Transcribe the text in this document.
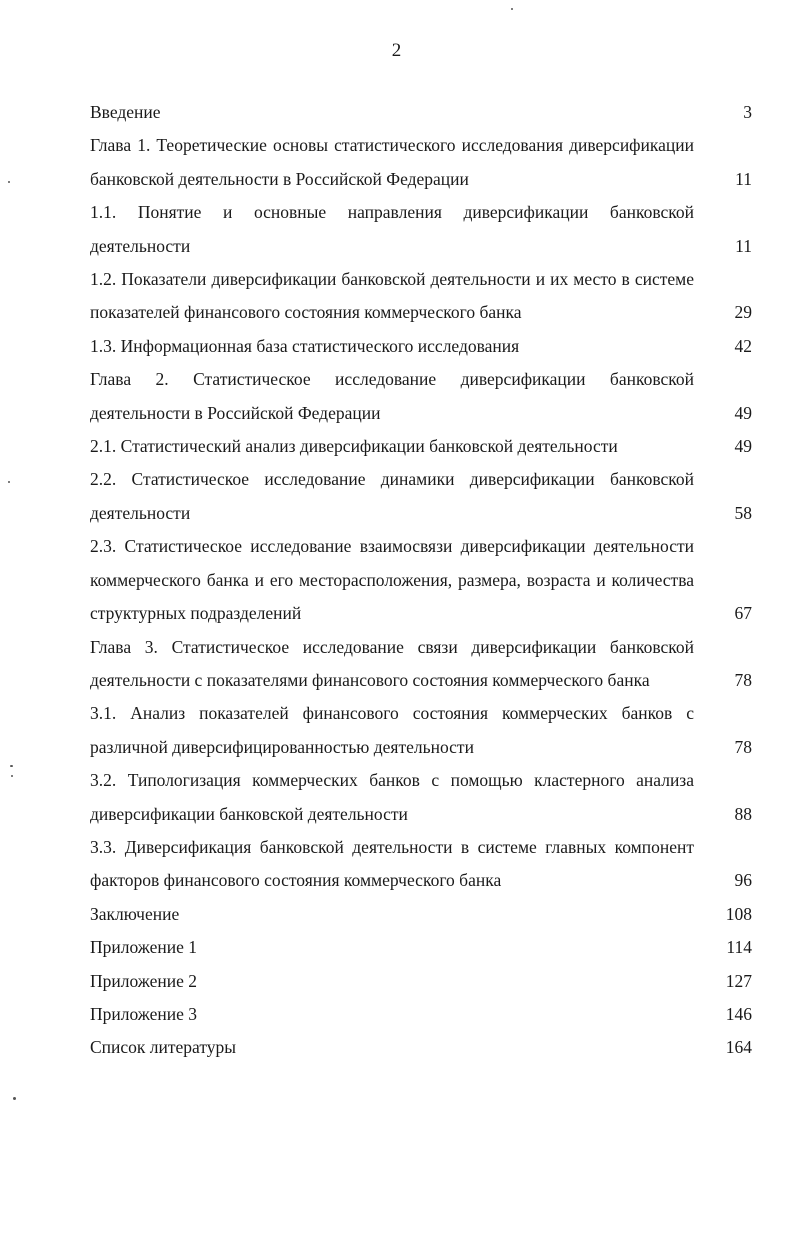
2
Введение	3
Глава 1. Теоретические основы статистического исследования диверсификации банковской деятельности в Российской Федерации	11
1.1. Понятие и основные направления диверсификации банковской деятельности	11
1.2. Показатели диверсификации банковской деятельности и их место в системе показателей финансового состояния коммерческого банка	29
1.3. Информационная база статистического исследования	42
Глава 2. Статистическое исследование диверсификации банковской деятельности в Российской Федерации	49
2.1. Статистический анализ диверсификации банковской деятельности	49
2.2. Статистическое исследование динамики диверсификации банковской деятельности	58
2.3. Статистическое исследование взаимосвязи диверсификации деятельности коммерческого банка и его месторасположения, размера, возраста и количества структурных подразделений	67
Глава 3. Статистическое исследование связи диверсификации банковской деятельности с показателями финансового состояния коммерческого банка	78
3.1. Анализ показателей финансового состояния коммерческих банков с различной диверсифицированностью деятельности	78
3.2. Типологизация коммерческих банков с помощью кластерного анализа диверсификации банковской деятельности	88
3.3. Диверсификация банковской деятельности в системе главных компонент факторов финансового состояния коммерческого банка	96
Заключение	108
Приложение 1	114
Приложение 2	127
Приложение 3	146
Список литературы	164
